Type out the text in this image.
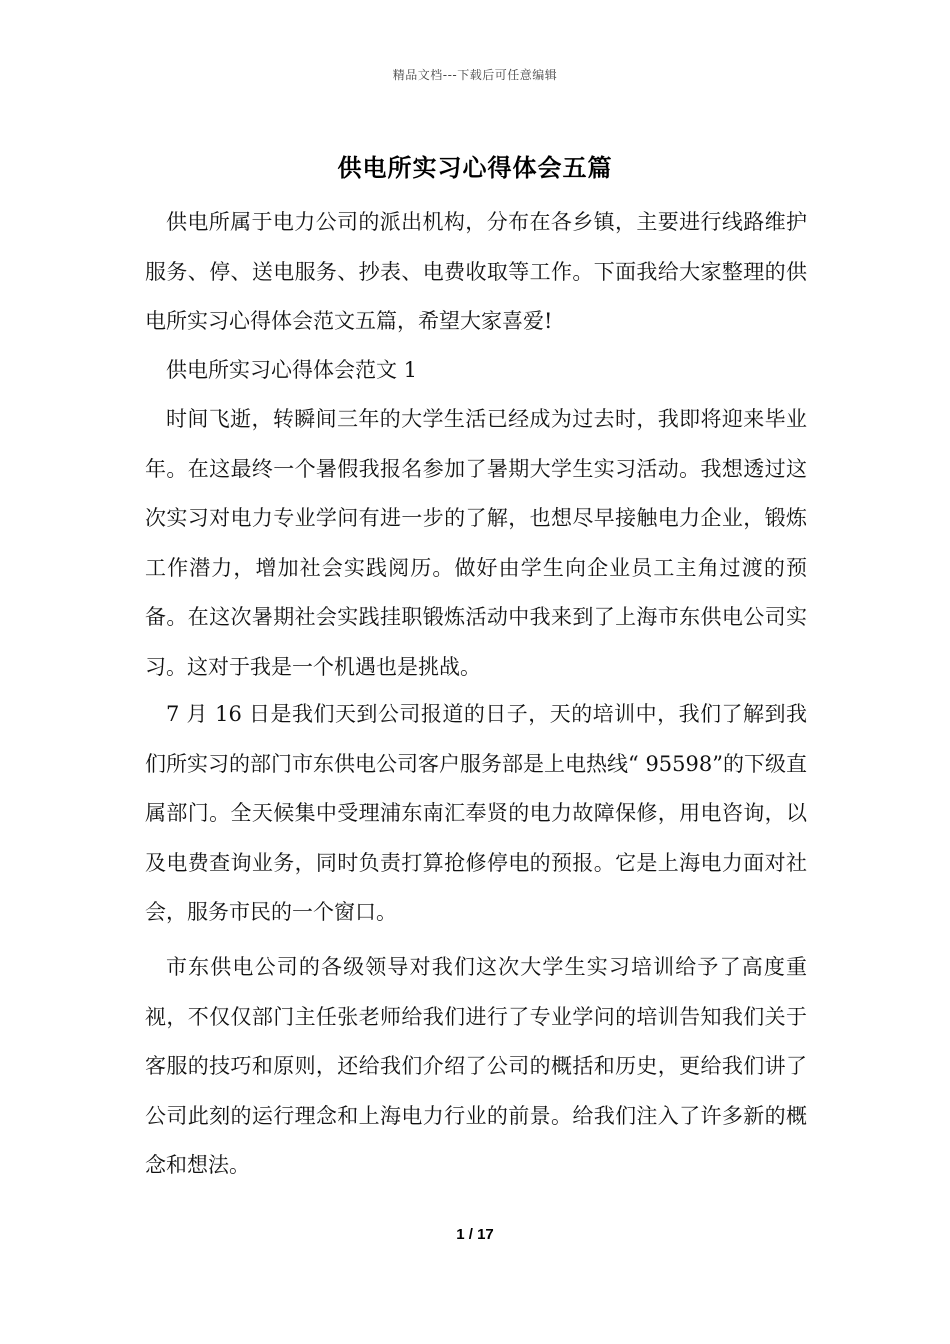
精品文档---下载后可任意编辑
供电所实习心得体会五篇

供电所属于电力公司的派出机构，分布在各乡镇，主要进行线路维护服务、停、送电服务、抄表、电费收取等工作。下面我给大家整理的供电所实习心得体会范文五篇，希望大家喜爱!

供电所实习心得体会范文 1

时间飞逝，转瞬间三年的大学生活已经成为过去时，我即将迎来毕业年。在这最终一个暑假我报名参加了暑期大学生实习活动。我想透过这次实习对电力专业学问有进一步的了解，也想尽早接触电力企业，锻炼工作潜力，增加社会实践阅历。做好由学生向企业员工主角过渡的预备。在这次暑期社会实践挂职锻炼活动中我来到了上海市东供电公司实习。这对于我是一个机遇也是挑战。

7 月 16 日是我们天到公司报道的日子，天的培训中，我们了解到我们所实习的部门市东供电公司客户服务部是上电热线“ 95598”的下级直属部门。全天候集中受理浦东南汇奉贤的电力故障保修，用电咨询，以及电费查询业务，同时负责打算抢修停电的预报。它是上海电力面对社会，服务市民的一个窗口。

市东供电公司的各级领导对我们这次大学生实习培训给予了高度重视，不仅仅部门主任张老师给我们进行了专业学问的培训告知我们关于客服的技巧和原则，还给我们介绍了公司的概括和历史，更给我们讲了公司此刻的运行理念和上海电力行业的前景。给我们注入了许多新的概念和想法。

1 / 17
